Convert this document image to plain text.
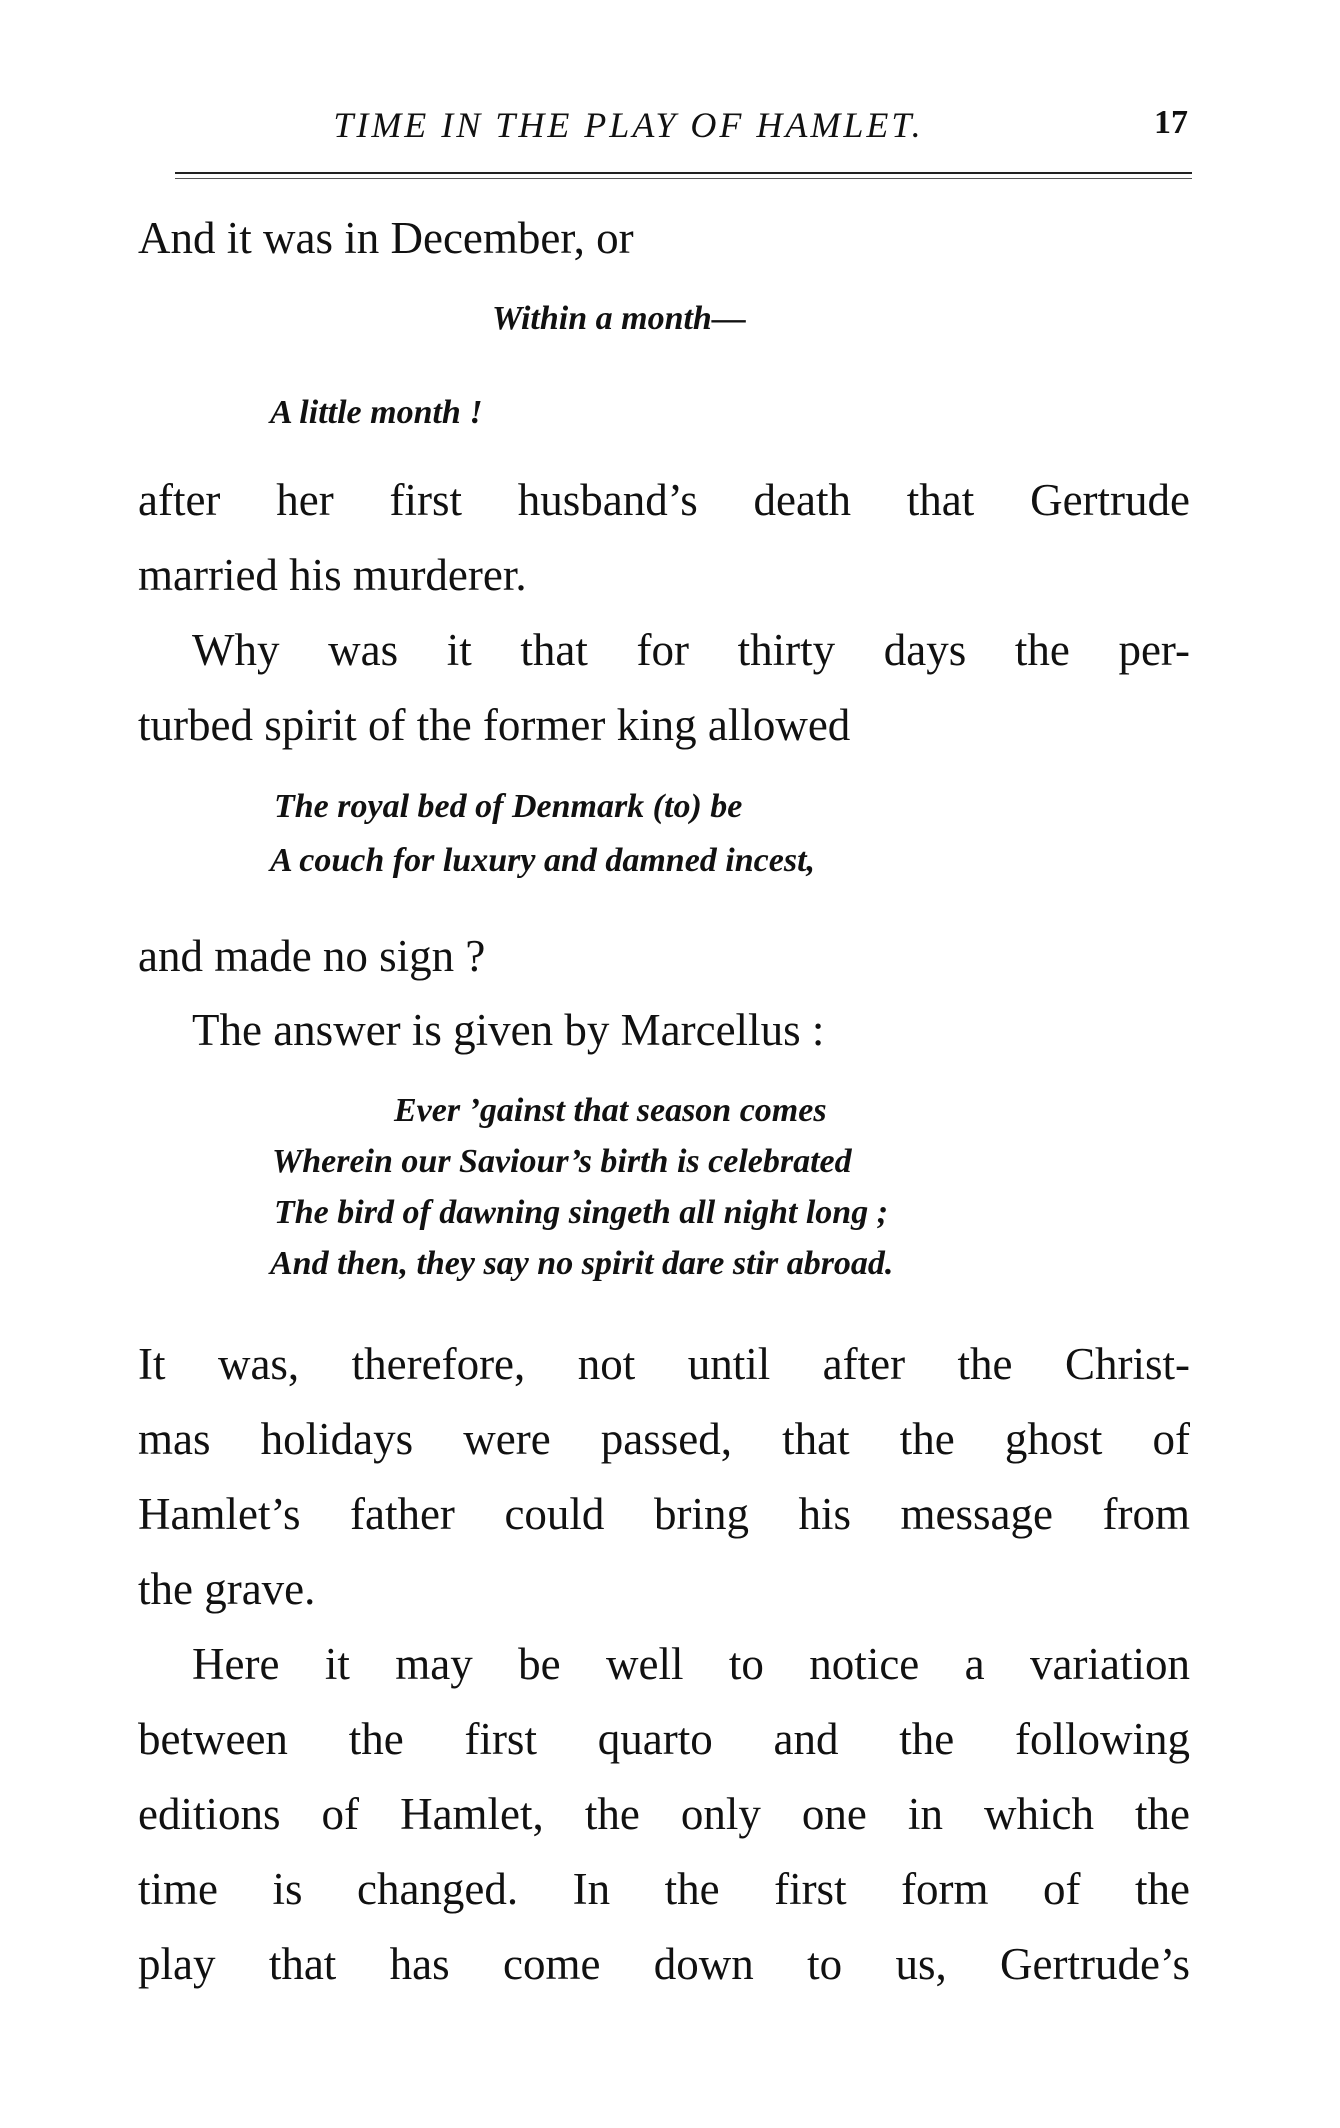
TIME IN THE PLAY OF HAMLET.	17
And it was in December, or
Within a month—
A little month !
after her first husband’s death that Gertrude
married his murderer.
Why was it that for thirty days the per-
turbed spirit of the former king allowed
The royal bed of Denmark (to) be
A couch for luxury and damned incest,
and made no sign ?
The answer is given by Marcellus :
Ever ’gainst that season comes
Wherein our Saviour’s birth is celebrated
The bird of dawning singeth all night long ;
And then, they say no spirit dare stir abroad.
It was, therefore, not until after the Christ-
mas holidays were passed, that the ghost of
Hamlet’s father could bring his message from
the grave.
Here it may be well to notice a variation
between the first quarto and the following
editions of Hamlet, the only one in which the
time is changed. In the first form of the
play that has come down to us, Gertrude’s
